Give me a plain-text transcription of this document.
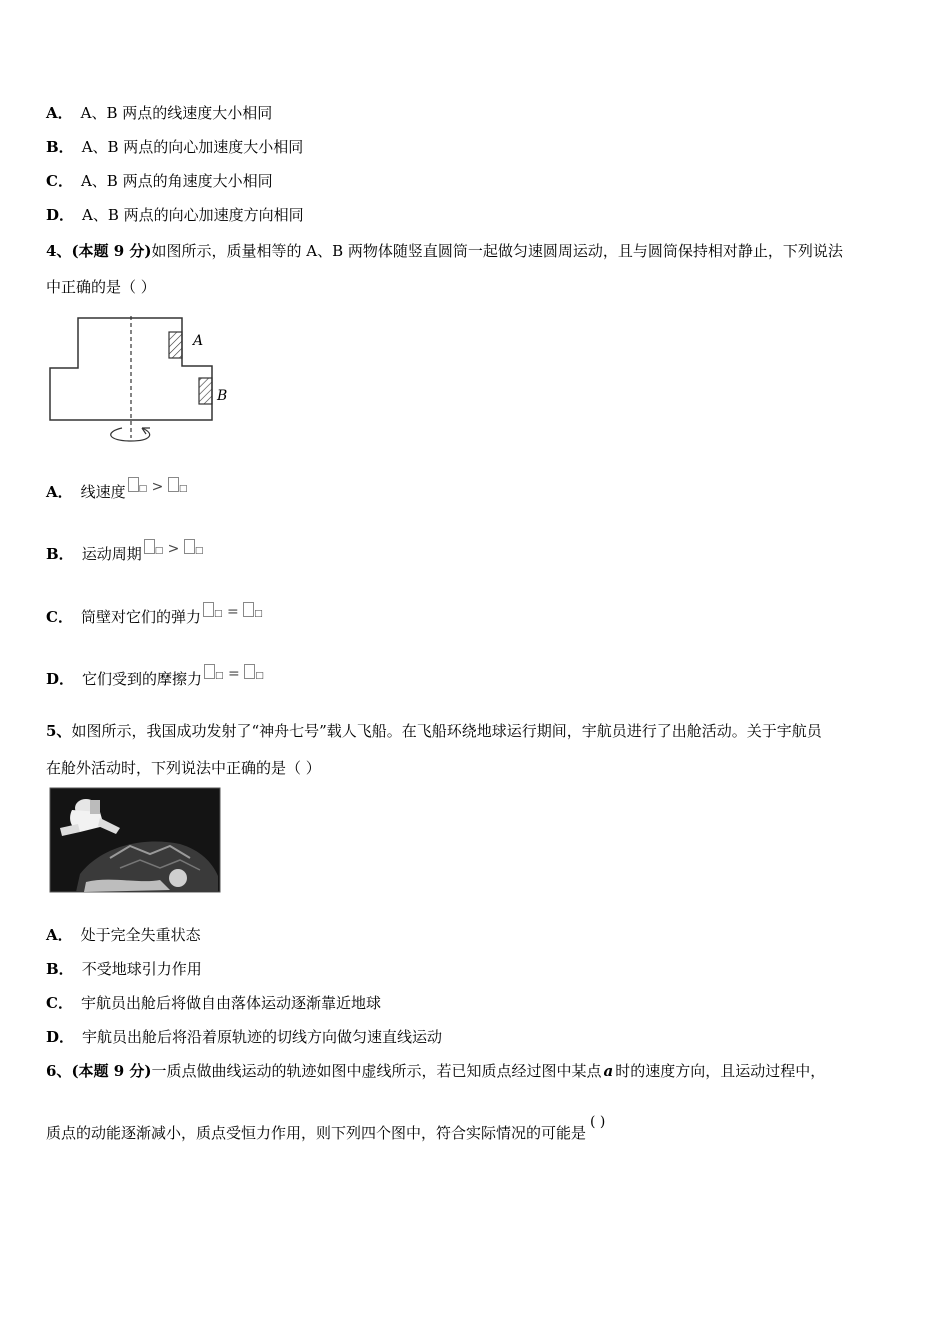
A． A、B 两点的线速度大小相同
B． A、B 两点的向心加速度大小相同
C． A、B 两点的角速度大小相同
D． A、B 两点的向心加速度方向相同
4、(本题 9 分)如图所示，质量相等的 A、B 两物体随竖直圆筒一起做匀速圆周运动，且与圆筒保持相对静止，下列说法
中正确的是（ ）
A
B
A． 线速度 □ > □
B． 运动周期 □ > □
C． 筒壁对它们的弹力 □ = □
D． 它们受到的摩擦力 □ = □
5、如图所示，我国成功发射了“神舟七号”载人飞船。在飞船环绕地球运行期间，宇航员进行了出舱活动。关于宇航员
在舱外活动时，下列说法中正确的是（ ）
A． 处于完全失重状态
B． 不受地球引力作用
C． 宇航员出舱后将做自由落体运动逐渐靠近地球
D． 宇航员出舱后将沿着原轨迹的切线方向做匀速直线运动
6、(本题 9 分)一质点做曲线运动的轨迹如图中虚线所示，若已知质点经过图中某点 a 时的速度方向，且运动过程中，
质点的动能逐渐减小，质点受恒力作用，则下列四个图中，符合实际情况的可能是( )
